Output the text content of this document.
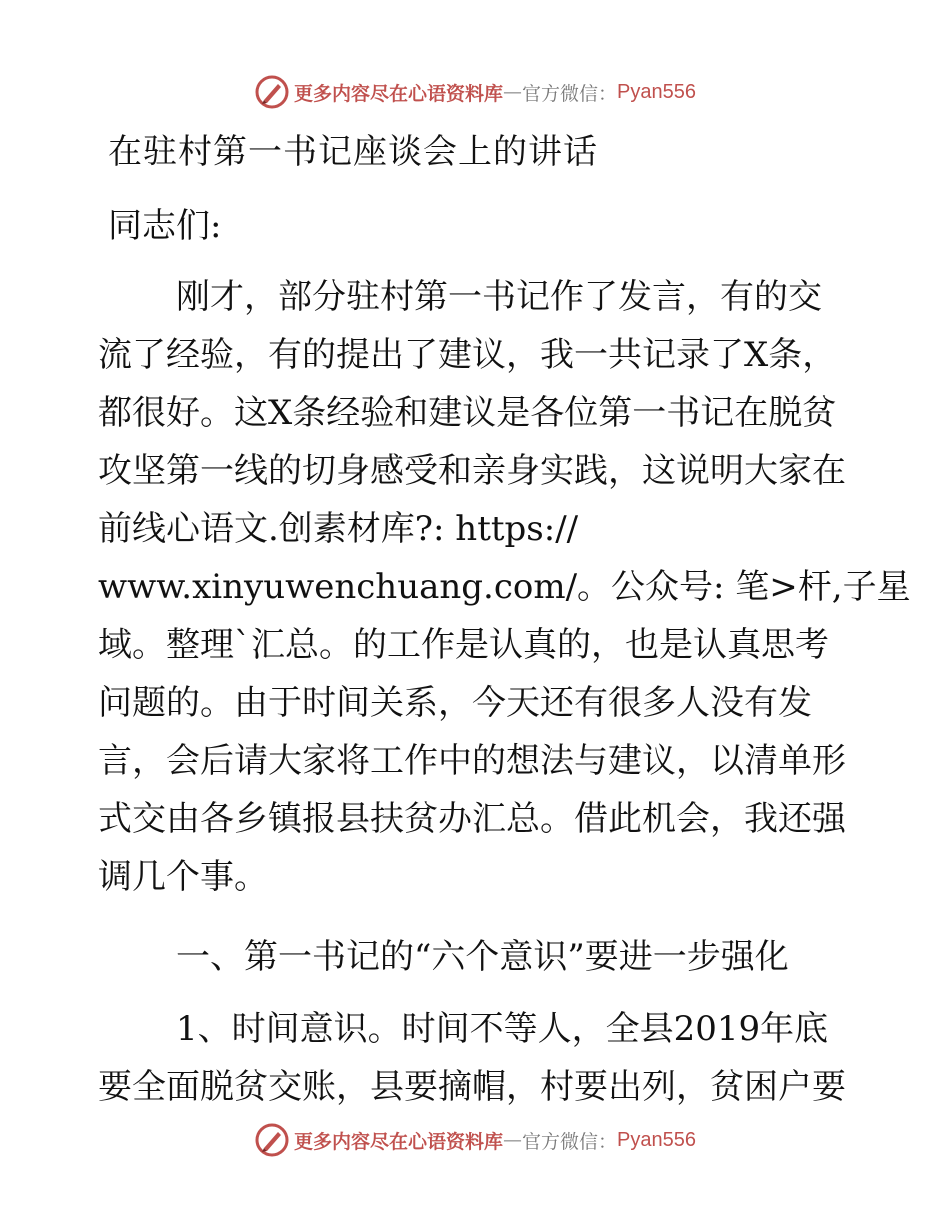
更多内容尽在心语资料库 — 官方微信： Pyan556
在驻村第一书记座谈会上的讲话
同志们:
刚才，部分驻村第一书记作了发言，有的交
流了经验，有的提出了建议，我一共记录了X条，
都很好。这X条经验和建议是各位第一书记在脱贫
攻坚第一线的切身感受和亲身实践，这说明大家在
前线心语文.创素材库?: https://
www.xinyuwenchuang.com/。公众号: 笔>杆,子星
域。整理`汇总。的工作是认真的，也是认真思考
问题的。由于时间关系，今天还有很多人没有发
言，会后请大家将工作中的想法与建议，以清单形
式交由各乡镇报县扶贫办汇总。借此机会，我还强
调几个事。
一、第一书记的“六个意识”要进一步强化
1、时间意识。时间不等人，全县2019年底
要全面脱贫交账，县要摘帽，村要出列，贫困户要
更多内容尽在心语资料库 — 官方微信： Pyan556
